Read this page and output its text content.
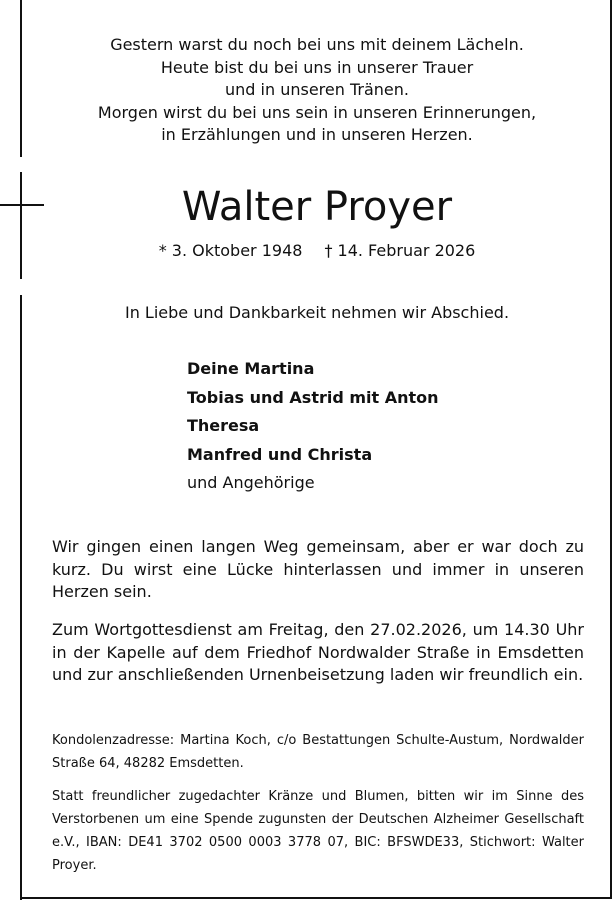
Gestern warst du noch bei uns mit deinem Lächeln.
Heute bist du bei uns in unserer Trauer
und in unseren Tränen.
Morgen wirst du bei uns sein in unseren Erinnerungen,
in Erzählungen und in unseren Herzen.
Walter Proyer
* 3. Oktober 1948 † 14. Februar 2026
In Liebe und Dankbarkeit nehmen wir Abschied.
Deine Martina
Tobias und Astrid mit Anton
Theresa
Manfred und Christa
und Angehörige
Wir gingen einen langen Weg gemeinsam, aber er war doch zu kurz. Du wirst eine Lücke hinterlassen und immer in unseren Herzen sein.
Zum Wortgottesdienst am Freitag, den 27.02.2026, um 14.30 Uhr in der Kapelle auf dem Friedhof Nordwalder Straße in Emsdetten und zur anschließenden Urnenbeisetzung laden wir freundlich ein.
Kondolenzadresse: Martina Koch, c/o Bestattungen Schulte-Austum, Nordwalder Straße 64, 48282 Emsdetten.
Statt freundlicher zugedachter Kränze und Blumen, bitten wir im Sinne des Verstorbenen um eine Spende zugunsten der Deutschen Alzheimer Gesellschaft e.V., IBAN: DE41 3702 0500 0003 3778 07, BIC: BFSWDE33, Stichwort: Walter Proyer.
